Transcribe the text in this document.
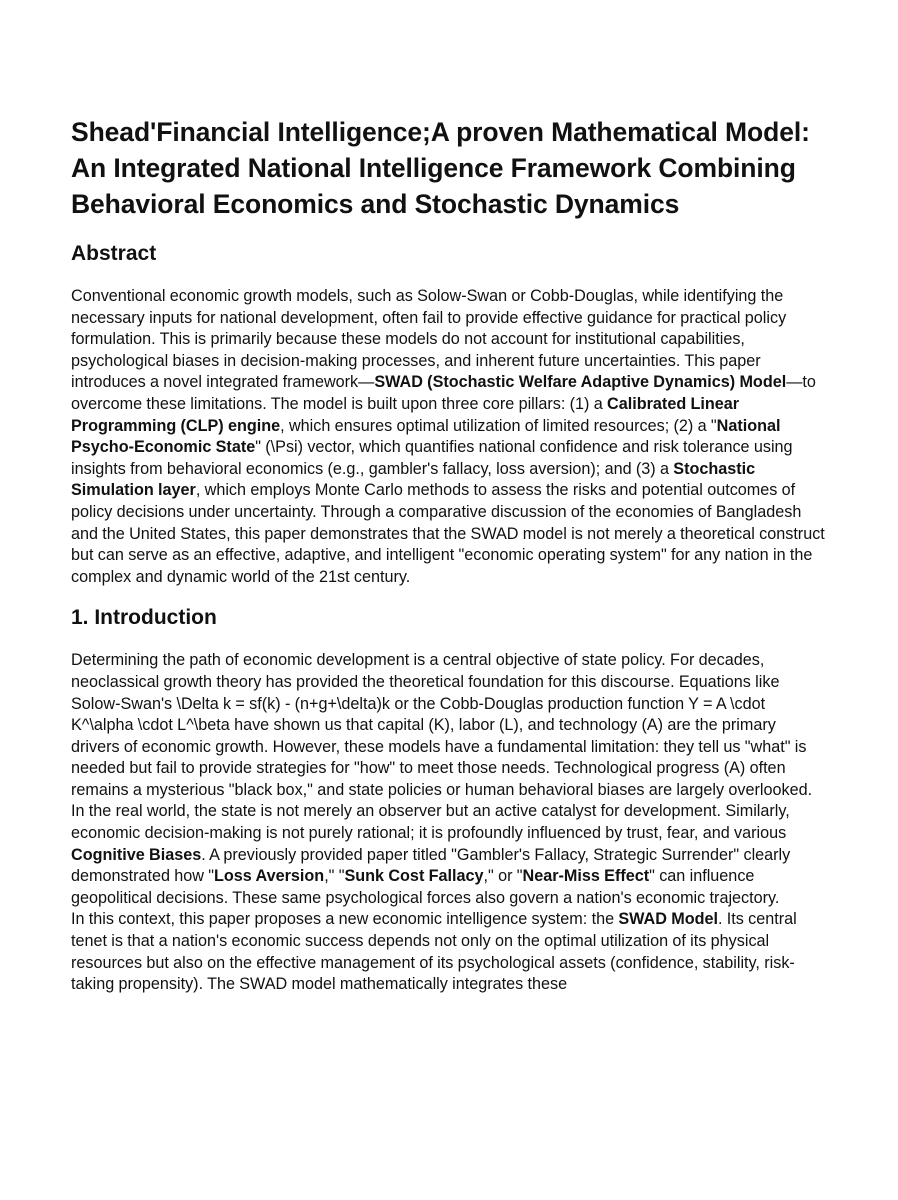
Shead'Financial Intelligence;A proven Mathematical Model: An Integrated National Intelligence Framework Combining Behavioral Economics and Stochastic Dynamics
Abstract

Conventional economic growth models, such as Solow-Swan or Cobb-Douglas, while identifying the necessary inputs for national development, often fail to provide effective guidance for practical policy formulation. This is primarily because these models do not account for institutional capabilities, psychological biases in decision-making processes, and inherent future uncertainties. This paper introduces a novel integrated framework—SWAD (Stochastic Welfare Adaptive Dynamics) Model—to overcome these limitations. The model is built upon three core pillars: (1) a Calibrated Linear Programming (CLP) engine, which ensures optimal utilization of limited resources; (2) a "National Psycho-Economic State" (\Psi) vector, which quantifies national confidence and risk tolerance using insights from behavioral economics (e.g., gambler's fallacy, loss aversion); and (3) a Stochastic Simulation layer, which employs Monte Carlo methods to assess the risks and potential outcomes of policy decisions under uncertainty. Through a comparative discussion of the economies of Bangladesh and the United States, this paper demonstrates that the SWAD model is not merely a theoretical construct but can serve as an effective, adaptive, and intelligent "economic operating system" for any nation in the complex and dynamic world of the 21st century.

1. Introduction

Determining the path of economic development is a central objective of state policy. For decades, neoclassical growth theory has provided the theoretical foundation for this discourse. Equations like Solow-Swan's \Delta k = sf(k) - (n+g+\delta)k or the Cobb-Douglas production function Y = A \cdot K^\alpha \cdot L^\beta have shown us that capital (K), labor (L), and technology (A) are the primary drivers of economic growth. However, these models have a fundamental limitation: they tell us "what" is needed but fail to provide strategies for "how" to meet those needs. Technological progress (A) often remains a mysterious "black box," and state policies or human behavioral biases are largely overlooked.

In the real world, the state is not merely an observer but an active catalyst for development. Similarly, economic decision-making is not purely rational; it is profoundly influenced by trust, fear, and various Cognitive Biases. A previously provided paper titled "Gambler's Fallacy, Strategic Surrender" clearly demonstrated how "Loss Aversion," "Sunk Cost Fallacy," or "Near-Miss Effect" can influence geopolitical decisions. These same psychological forces also govern a nation's economic trajectory.

In this context, this paper proposes a new economic intelligence system: the SWAD Model. Its central tenet is that a nation's economic success depends not only on the optimal utilization of its physical resources but also on the effective management of its psychological assets (confidence, stability, risk-taking propensity). The SWAD model mathematically integrates these
